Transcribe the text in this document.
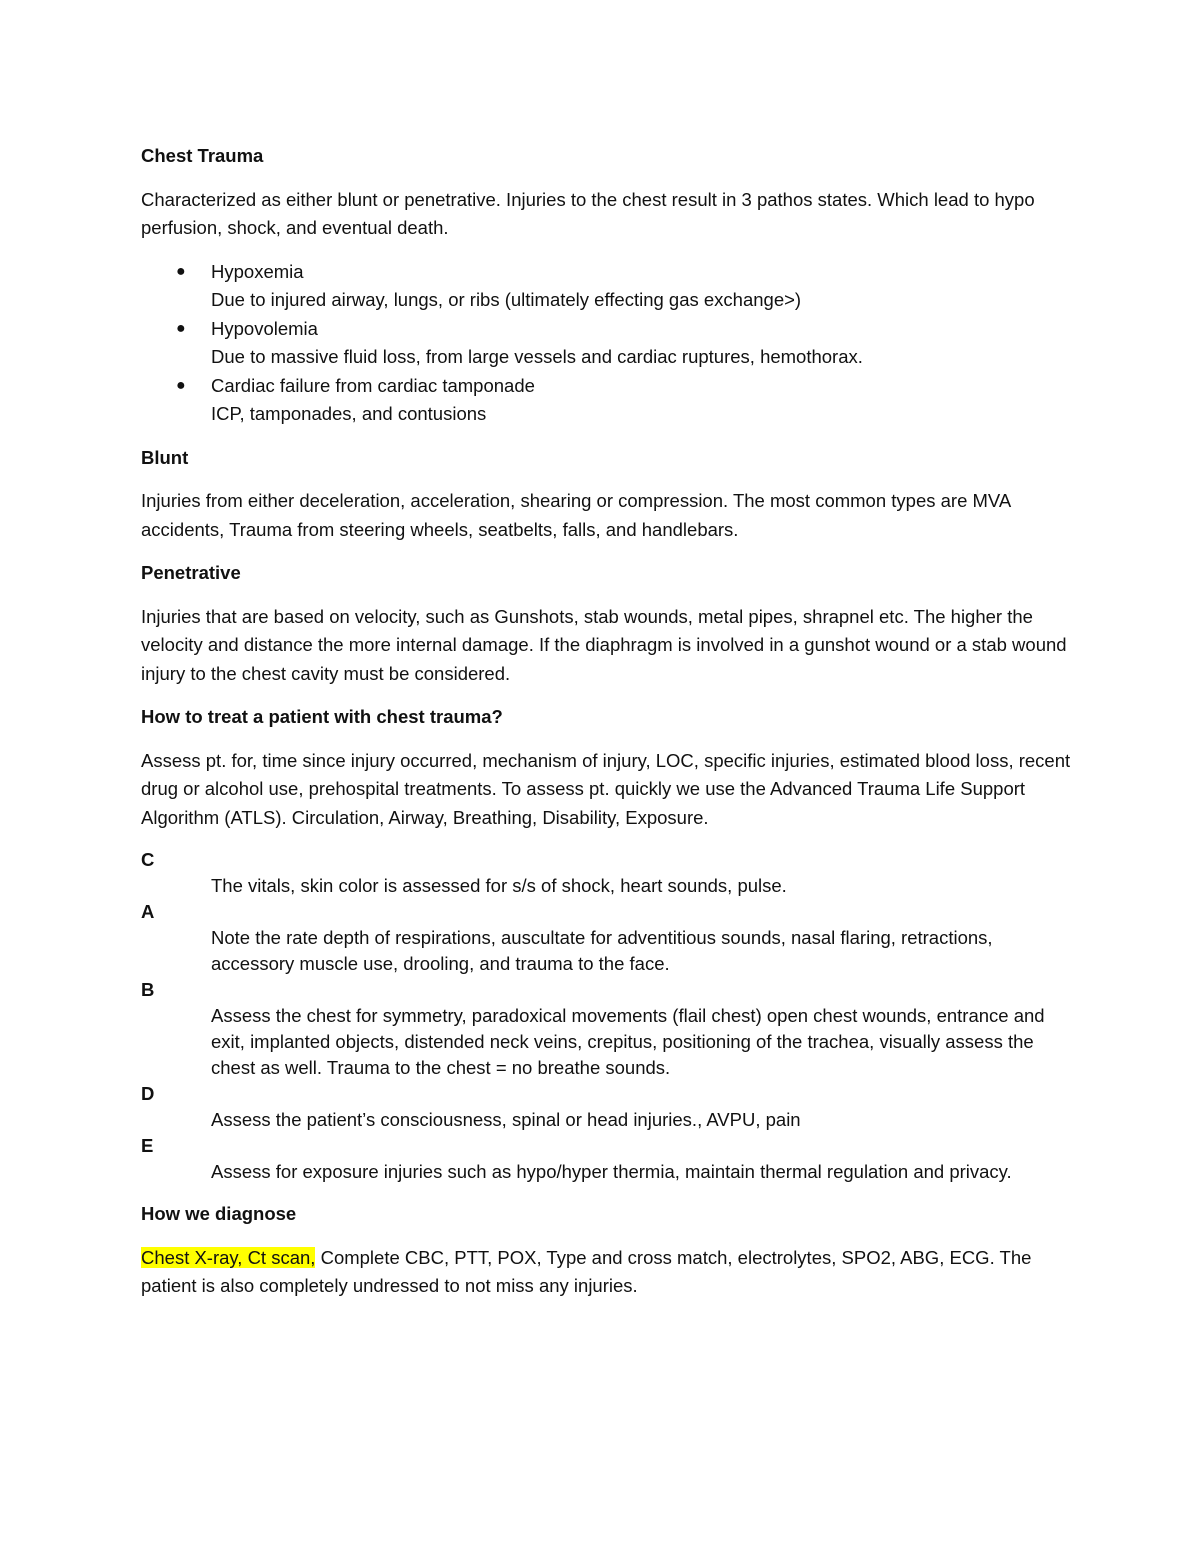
Chest Trauma
Characterized as either blunt or penetrative. Injuries to the chest result in 3 pathos states. Which lead to hypo perfusion, shock, and eventual death.
● Hypoxemia
Due to injured airway, lungs, or ribs (ultimately effecting gas exchange>)
● Hypovolemia
Due to massive fluid loss, from large vessels and cardiac ruptures, hemothorax.
● Cardiac failure from cardiac tamponade
ICP, tamponades, and contusions
Blunt
Injuries from either deceleration, acceleration, shearing or compression. The most common types are MVA accidents, Trauma from steering wheels, seatbelts, falls, and handlebars.
Penetrative
Injuries that are based on velocity, such as Gunshots, stab wounds, metal pipes, shrapnel etc. The higher the velocity and distance the more internal damage. If the diaphragm is involved in a gunshot wound or a stab wound injury to the chest cavity must be considered.
How to treat a patient with chest trauma?
Assess pt. for, time since injury occurred, mechanism of injury, LOC, specific injuries, estimated blood loss, recent drug or alcohol use, prehospital treatments. To assess pt. quickly we use the Advanced Trauma Life Support Algorithm (ATLS). Circulation, Airway, Breathing, Disability, Exposure.
C
The vitals, skin color is assessed for s/s of shock, heart sounds, pulse.
A
Note the rate depth of respirations, auscultate for adventitious sounds, nasal flaring, retractions, accessory muscle use, drooling, and trauma to the face.
B
Assess the chest for symmetry, paradoxical movements (flail chest) open chest wounds, entrance and exit, implanted objects, distended neck veins, crepitus, positioning of the trachea, visually assess the chest as well. Trauma to the chest = no breathe sounds.
D
Assess the patient’s consciousness, spinal or head injuries., AVPU, pain
E
Assess for exposure injuries such as hypo/hyper thermia, maintain thermal regulation and privacy.
How we diagnose
Chest X-ray, Ct scan, Complete CBC, PTT, POX, Type and cross match, electrolytes, SPO2, ABG, ECG. The patient is also completely undressed to not miss any injuries.
